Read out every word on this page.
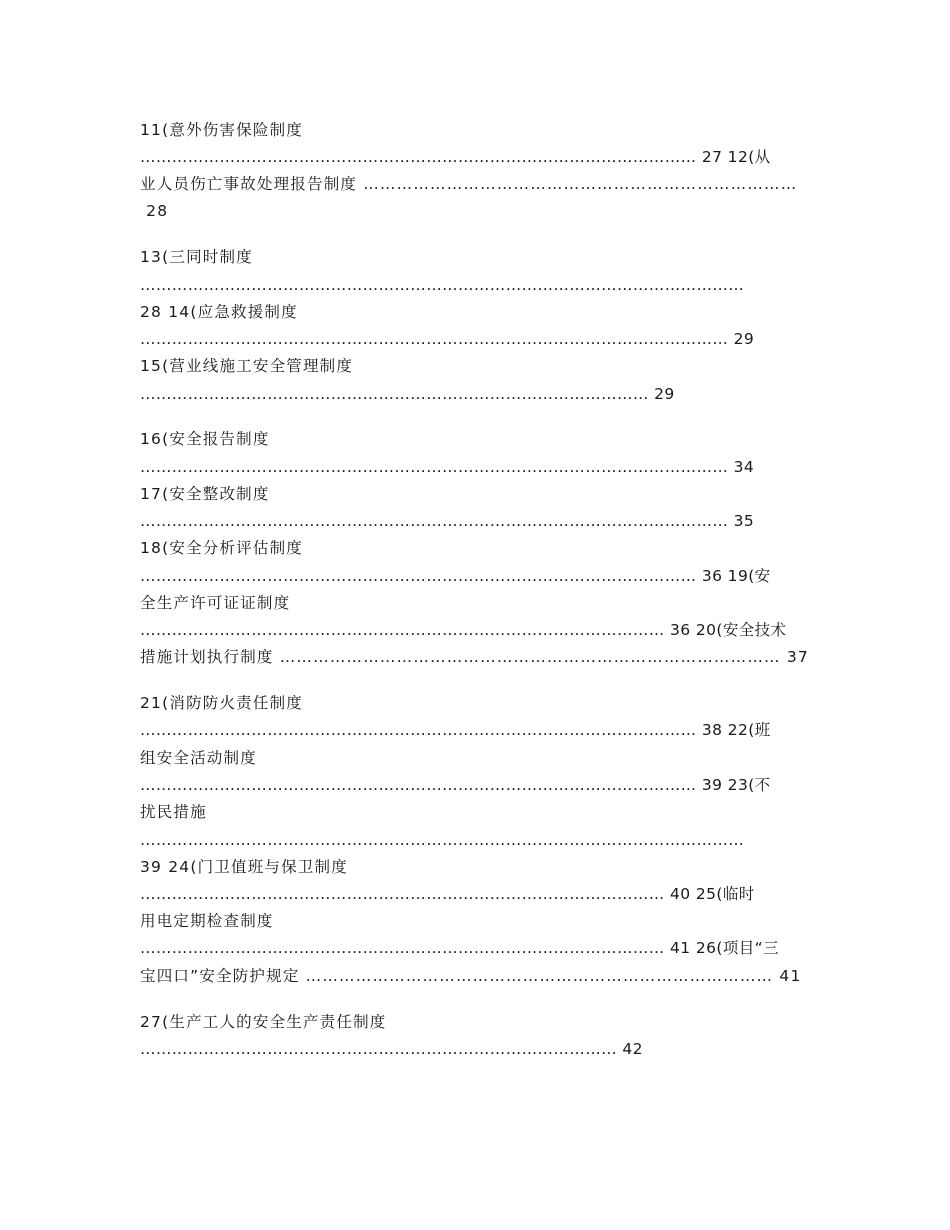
11(意外伤害保险制度
…………………………………………………………………………………………… 27 12(从
业人员伤亡事故处理报告制度 ……………………………………………………………………
28
13(三同时制度
……………………………………………………………………………………………………
28 14(应急救援制度
………………………………………………………………………………………………… 29
15(营业线施工安全管理制度
…………………………………………………………………………………… 29
16(安全报告制度
………………………………………………………………………………………………… 34
17(安全整改制度
………………………………………………………………………………………………… 35
18(安全分析评估制度
…………………………………………………………………………………………… 36 19(安
全生产许可证证制度
……………………………………………………………………………………… 36 20(安全技术
措施计划执行制度 ……………………………………………………………………………… 37
21(消防防火责任制度
…………………………………………………………………………………………… 38 22(班
组安全活动制度
…………………………………………………………………………………………… 39 23(不
扰民措施
……………………………………………………………………………………………………
39 24(门卫值班与保卫制度
……………………………………………………………………………………… 40 25(临时
用电定期检查制度
……………………………………………………………………………………… 41 26(项目“三
宝四口”安全防护规定 ………………………………………………………………………… 41
27(生产工人的安全生产责任制度
……………………………………………………………………………… 42
